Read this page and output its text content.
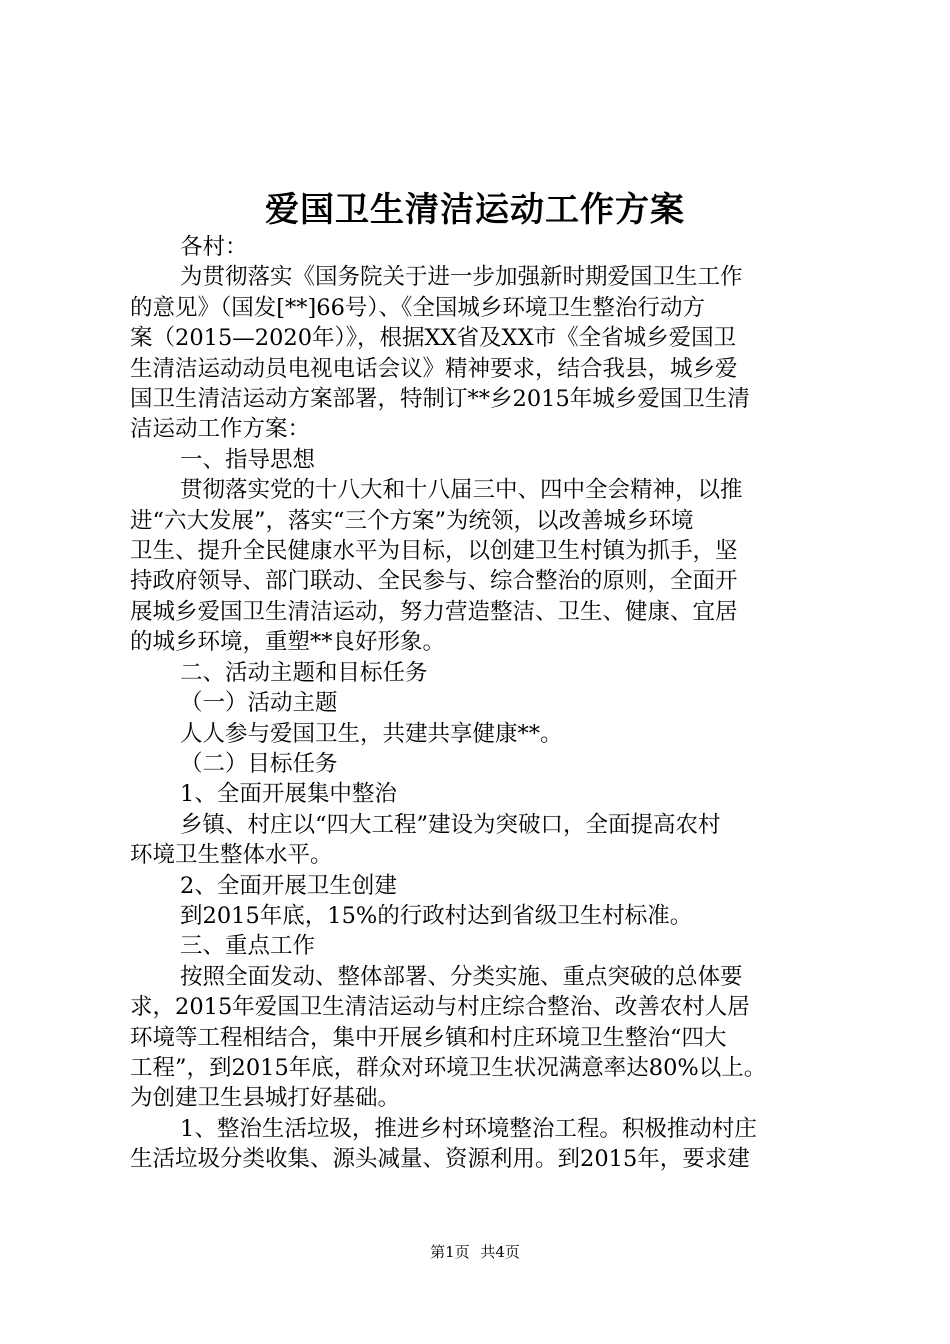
爱国卫生清洁运动工作方案

各村：

为贯彻落实《国务院关于进一步加强新时期爱国卫生工作

的意见》（国发[**]66号）、《全国城乡环境卫生整治行动方

案（2015—2020年）》，根据XX省及XX市《全省城乡爱国卫

生清洁运动动员电视电话会议》精神要求，结合我县，城乡爱

国卫生清洁运动方案部署，特制订**乡2015年城乡爱国卫生清

洁运动工作方案：

一、指导思想

贯彻落实党的十八大和十八届三中、四中全会精神，以推

进“六大发展”，落实“三个方案”为统领，以改善城乡环境

卫生、提升全民健康水平为目标，以创建卫生村镇为抓手，坚

持政府领导、部门联动、全民参与、综合整治的原则，全面开

展城乡爱国卫生清洁运动，努力营造整洁、卫生、健康、宜居

的城乡环境，重塑**良好形象。

二、活动主题和目标任务

（一）活动主题

人人参与爱国卫生，共建共享健康**。

（二）目标任务

1、全面开展集中整治

乡镇、村庄以“四大工程”建设为突破口，全面提高农村

环境卫生整体水平。

2、全面开展卫生创建

到2015年底，15%的行政村达到省级卫生村标准。

三、重点工作

按照全面发动、整体部署、分类实施、重点突破的总体要

求，2015年爱国卫生清洁运动与村庄综合整治、改善农村人居

环境等工程相结合，集中开展乡镇和村庄环境卫生整治“四大

工程”，到2015年底，群众对环境卫生状况满意率达80%以上。

为创建卫生县城打好基础。

1、整治生活垃圾，推进乡村环境整治工程。积极推动村庄

生活垃圾分类收集、源头减量、资源利用。到2015年，要求建

第1页 共4页
